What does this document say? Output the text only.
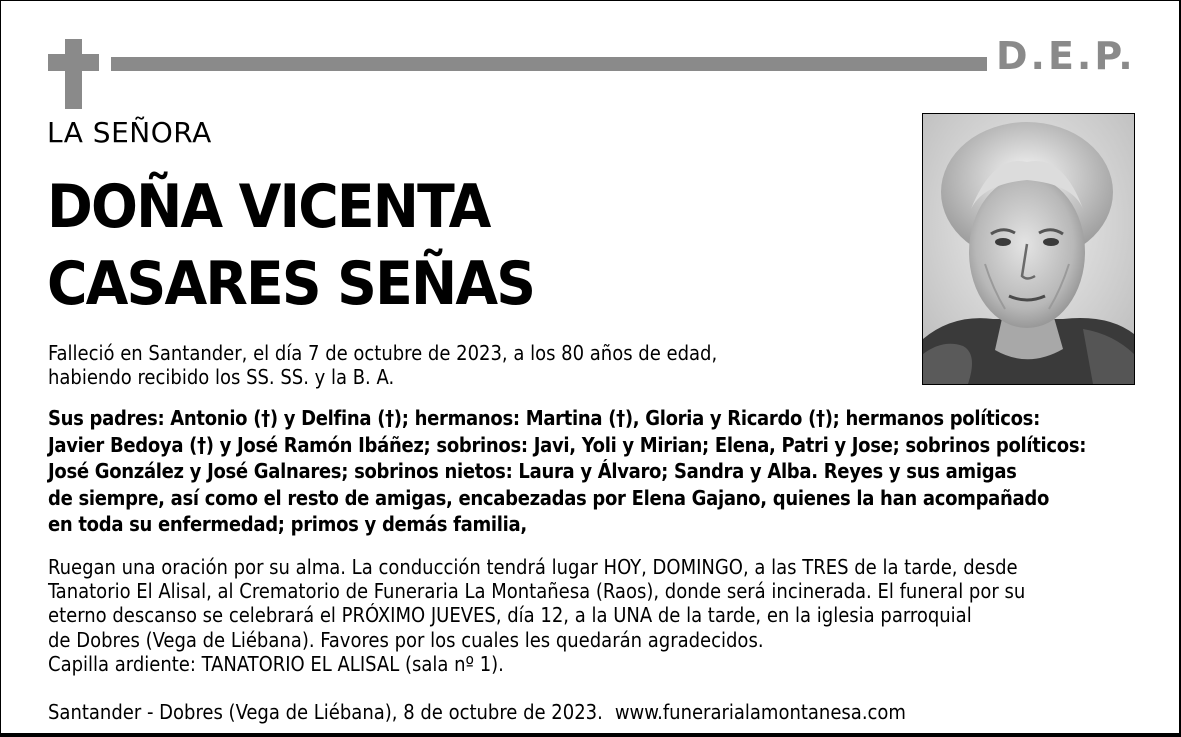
D.E.P.
LA SEÑORA
DOÑA VICENTA
CASARES SEÑAS
Falleció en Santander, el día 7 de octubre de 2023, a los 80 años de edad,
habiendo recibido los SS. SS. y la B. A.
Sus padres: Antonio (†) y Delfina (†); hermanos: Martina (†), Gloria y Ricardo (†); hermanos políticos:
Javier Bedoya (†) y José Ramón Ibáñez; sobrinos: Javi, Yoli y Mirian; Elena, Patri y Jose; sobrinos políticos:
José González y José Galnares; sobrinos nietos: Laura y Álvaro; Sandra y Alba. Reyes y sus amigas
de siempre, así como el resto de amigas, encabezadas por Elena Gajano, quienes la han acompañado
en toda su enfermedad; primos y demás familia,
Ruegan una oración por su alma. La conducción tendrá lugar HOY, DOMINGO, a las TRES de la tarde, desde
Tanatorio El Alisal, al Crematorio de Funeraria La Montañesa (Raos), donde será incinerada. El funeral por su
eterno descanso se celebrará el PRÓXIMO JUEVES, día 12, a la UNA de la tarde, en la iglesia parroquial
de Dobres (Vega de Liébana). Favores por los cuales les quedarán agradecidos.
Capilla ardiente: TANATORIO EL ALISAL (sala nº 1).
Santander - Dobres (Vega de Liébana), 8 de octubre de 2023. www.funerarialamontanesa.com
